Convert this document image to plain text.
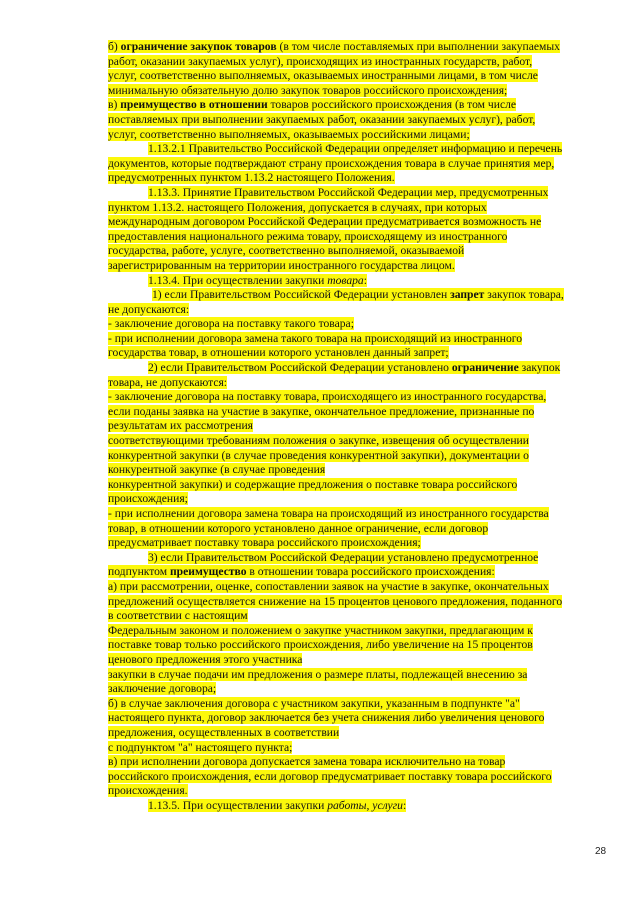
б) ограничение закупок товаров (в том числе поставляемых при выполнении закупаемых
работ, оказании закупаемых услуг), происходящих из иностранных государств, работ,
услуг, соответственно выполняемых, оказываемых иностранными лицами, в том числе
минимальную обязательную долю закупок товаров российского происхождения;
в) преимущество в отношении товаров российского происхождения (в том числе
поставляемых при выполнении закупаемых работ, оказании закупаемых услуг), работ,
услуг, соответственно выполняемых, оказываемых российскими лицами;
1.13.2.1 Правительство Российской Федерации определяет информацию и перечень
документов, которые подтверждают страну происхождения товара в случае принятия мер,
предусмотренных пунктом 1.13.2 настоящего Положения.
1.13.3. Принятие Правительством Российской Федерации мер, предусмотренных
пунктом 1.13.2. настоящего Положения, допускается в случаях, при которых
международным договором Российской Федерации предусматривается возможность не
предоставления национального режима товару, происходящему из иностранного
государства, работе, услуге, соответственно выполняемой, оказываемой
зарегистрированным на территории иностранного государства лицом.
1.13.4. При осуществлении закупки товара:
1) если Правительством Российской Федерации установлен запрет закупок товара,
не допускаются:
- заключение договора на поставку такого товара;
- при исполнении договора замена такого товара на происходящий из иностранного
государства товар, в отношении которого установлен данный запрет;
2) если Правительством Российской Федерации установлено ограничение закупок
товара, не допускаются:
- заключение договора на поставку товара, происходящего из иностранного государства,
если поданы заявка на участие в закупке, окончательное предложение, признанные по
результатам их рассмотрения
соответствующими требованиям положения о закупке, извещения об осуществлении
конкурентной закупки (в случае проведения конкурентной закупки), документации о
конкурентной закупке (в случае проведения
конкурентной закупки) и содержащие предложения о поставке товара российского
происхождения;
- при исполнении договора замена товара на происходящий из иностранного государства
товар, в отношении которого установлено данное ограничение, если договор
предусматривает поставку товара российского происхождения;
3) если Правительством Российской Федерации установлено предусмотренное
подпунктом преимущество в отношении товара российского происхождения:
а) при рассмотрении, оценке, сопоставлении заявок на участие в закупке, окончательных
предложений осуществляется снижение на 15 процентов ценового предложения, поданного
в соответствии с настоящим
Федеральным законом и положением о закупке участником закупки, предлагающим к
поставке товар только российского происхождения, либо увеличение на 15 процентов
ценового предложения этого участника
закупки в случае подачи им предложения о размере платы, подлежащей внесению за
заключение договора;
б) в случае заключения договора с участником закупки, указанным в подпункте "а"
настоящего пункта, договор заключается без учета снижения либо увеличения ценового
предложения, осуществленных в соответствии
с подпунктом "а" настоящего пункта;
в) при исполнении договора допускается замена товара исключительно на товар
российского происхождения, если договор предусматривает поставку товара российского
происхождения.
1.13.5. При осуществлении закупки работы, услуги:
28
